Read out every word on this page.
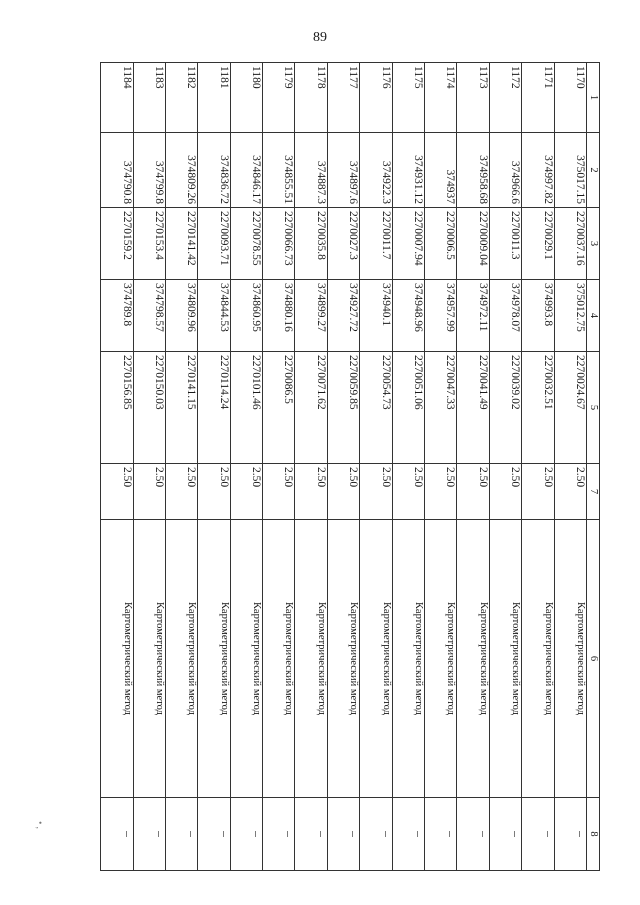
89
1	2	3	4	5	7	6	8
1170	375017.15	2270037.16	375012.75	2270024.67	2.50	Картометрический метод	–
1171	374997.82	2270029.1	374993.8	2270032.51	2.50	Картометрический метод	–
1172	374966.6	2270011.3	374978.07	2270039.02	2.50	Картометрический метод	–
1173	374958.68	2270009.04	374972.11	2270041.49	2.50	Картометрический метод	–
1174	374937	2270006.5	374957.99	2270047.33	2.50	Картометрический метод	–
1175	374931.12	2270007.94	374948.96	2270051.06	2.50	Картометрический метод	–
1176	374922.3	2270011.7	374940.1	2270054.73	2.50	Картометрический метод	–
1177	374897.6	2270027.3	374927.72	2270059.85	2.50	Картометрический метод	–
1178	374887.3	2270035.8	374899.27	2270071.62	2.50	Картометрический метод	–
1179	374855.51	2270066.73	374880.16	2270086.5	2.50	Картометрический метод	–
1180	374846.17	2270078.55	374860.95	2270101.46	2.50	Картометрический метод	–
1181	374836.72	2270093.71	374844.53	2270114.24	2.50	Картометрический метод	–
1182	374809.26	2270141.42	374809.96	2270141.15	2.50	Картометрический метод	–
1183	374799.8	2270153.4	374798.57	2270150.03	2.50	Картометрический метод	–
1184	374790.8	2270159.2	374789.8	2270156.85	2.50	Картометрический метод	–
• ,
